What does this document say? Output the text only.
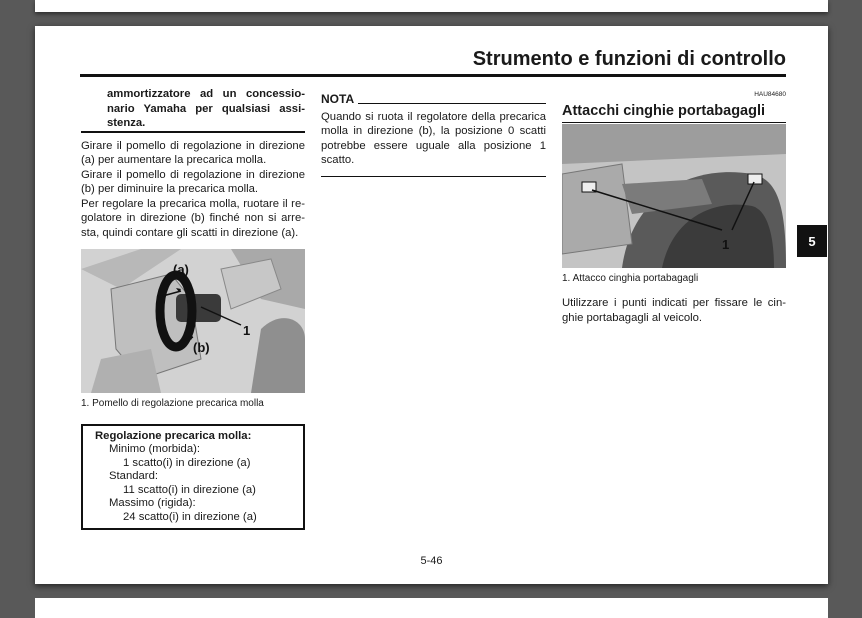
Strumento e funzioni di controllo

ammortizzatore ad un concessio-nario Yamaha per qualsiasi assi-stenza.

Girare il pomello di regolazione in direzione (a) per aumentare la precarica molla.

Girare il pomello di regolazione in direzione (b) per diminuire la precarica molla.

Per regolare la precarica molla, ruotare il re-golatore in direzione (b) finché non si arre-sta, quindi contare gli scatti in direzione (a).

(a)
(b)
1
1. Pomello di regolazione precarica molla
Regolazione precarica molla:
Minimo (morbida):
1 scatto(i) in direzione (a)
Standard:
11 scatto(i) in direzione (a)
Massimo (rigida):
24 scatto(i) in direzione (a)
NOTA

Quando si ruota il regolatore della precarica molla in direzione (b), la posizione 0 scatti potrebbe essere uguale alla posizione 1 scatto.

HAU84680
Attacchi cinghie portabagagli
1
1. Attacco cinghia portabagagli

Utilizzare i punti indicati per fissare le cin-ghie portabagagli al veicolo.

5-46
5
